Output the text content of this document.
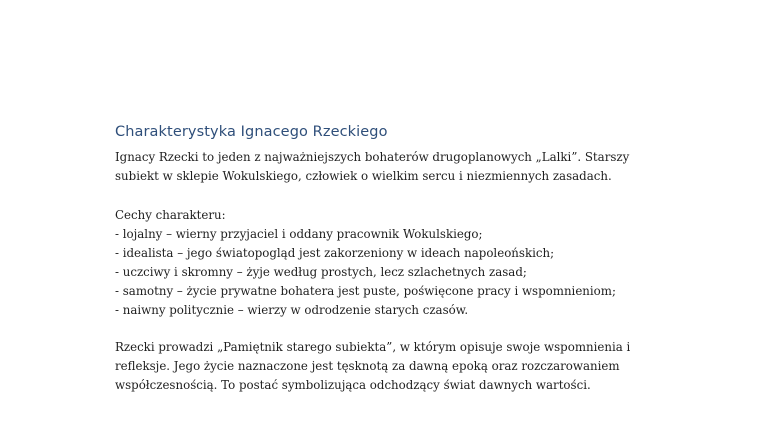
Charakterystyka Ignacego Rzeckiego
Ignacy Rzecki to jeden z najważniejszych bohaterów drugoplanowych „Lalki”. Starszy
subiekt w sklepie Wokulskiego, człowiek o wielkim sercu i niezmiennych zasadach.
Cechy charakteru:
- lojalny – wierny przyjaciel i oddany pracownik Wokulskiego;
- idealista – jego światopogląd jest zakorzeniony w ideach napoleońskich;
- uczciwy i skromny – żyje według prostych, lecz szlachetnych zasad;
- samotny – życie prywatne bohatera jest puste, poświęcone pracy i wspomnieniom;
- naiwny politycznie – wierzy w odrodzenie starych czasów.
Rzecki prowadzi „Pamiętnik starego subiekta”, w którym opisuje swoje wspomnienia i
refleksje. Jego życie naznaczone jest tęsknotą za dawną epoką oraz rozczarowaniem
współczesnością. To postać symbolizująca odchodzący świat dawnych wartości.
